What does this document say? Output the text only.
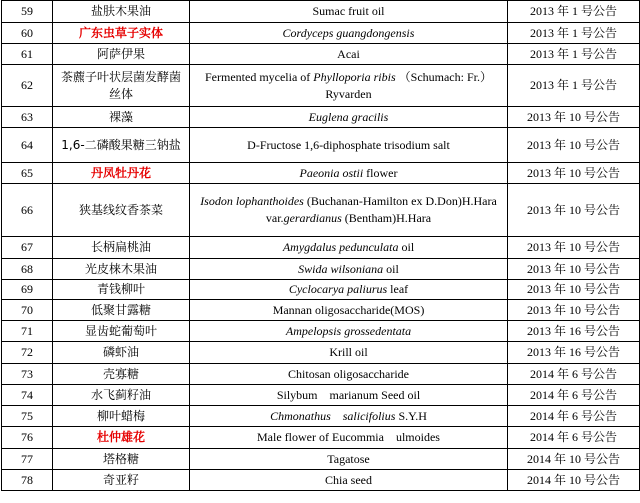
59	盐肤木果油	Sumac fruit oil	2013 年 1 号公告
60	广东虫草子实体	Cordyceps guangdongensis	2013 年 1 号公告
61	阿萨伊果	Acai	2013 年 1 号公告
62	茶藨子叶状层菌发酵菌丝体	Fermented mycelia of Phylloporia ribis （Schumach: Fr.）Ryvarden	2013 年 1 号公告
63	裸藻	Euglena gracilis	2013 年 10 号公告
64	1,6-二磷酸果糖三钠盐	D-Fructose 1,6-diphosphate trisodium salt	2013 年 10 号公告
65	丹凤牡丹花	Paeonia ostii flower	2013 年 10 号公告
66	狭基线纹香茶菜	Isodon lophanthoides (Buchanan-Hamilton ex D.Don)H.Hara var.gerardianus (Bentham)H.Hara	2013 年 10 号公告
67	长柄扁桃油	Amygdalus pedunculata oil	2013 年 10 号公告
68	光皮梾木果油	Swida wilsoniana oil	2013 年 10 号公告
69	青钱柳叶	Cyclocarya paliurus leaf	2013 年 10 号公告
70	低聚甘露糖	Mannan oligosaccharide(MOS)	2013 年 10 号公告
71	显齿蛇葡萄叶	Ampelopsis grossedentata	2013 年 16 号公告
72	磷虾油	Krill oil	2013 年 16 号公告
73	壳寡糖	Chitosan oligosaccharide	2014 年 6 号公告
74	水飞蓟籽油	Silybum　marianum Seed oil	2014 年 6 号公告
75	柳叶蜡梅	Chmonathus　salicifolius S.Y.H	2014 年 6 号公告
76	杜仲雄花	Male flower of Eucommia　ulmoides	2014 年 6 号公告
77	塔格糖	Tagatose	2014 年 10 号公告
78	奇亚籽	Chia seed	2014 年 10 号公告
